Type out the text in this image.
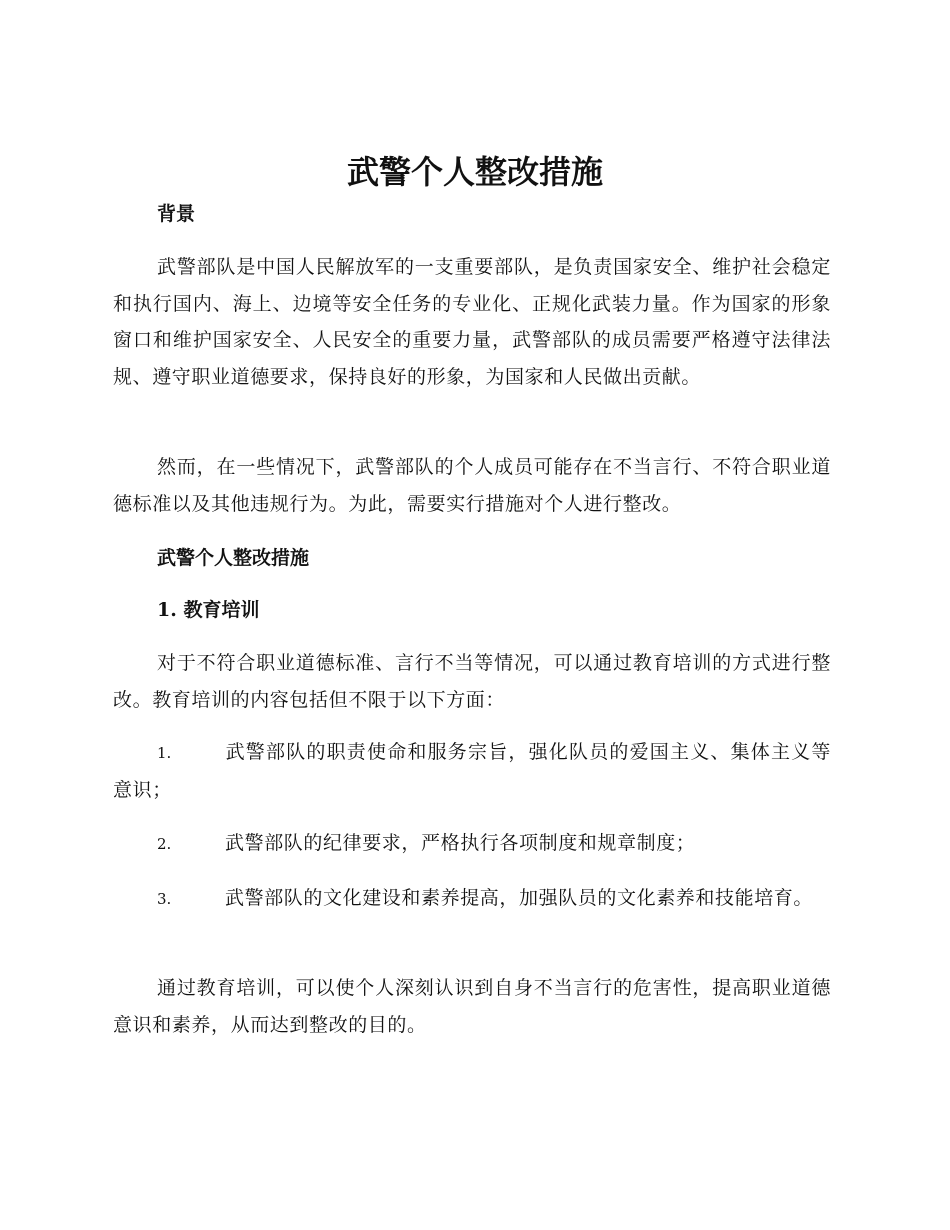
武警个人整改措施
背景

武警部队是中国人民解放军的一支重要部队，是负责国家安全、维护社会稳定和执行国内、海上、边境等安全任务的专业化、正规化武装力量。作为国家的形象窗口和维护国家安全、人民安全的重要力量，武警部队的成员需要严格遵守法律法规、遵守职业道德要求，保持良好的形象，为国家和人民做出贡献。

然而，在一些情况下，武警部队的个人成员可能存在不当言行、不符合职业道德标准以及其他违规行为。为此，需要实行措施对个人进行整改。

武警个人整改措施
1. 教育培训

对于不符合职业道德标准、言行不当等情况，可以通过教育培训的方式进行整改。教育培训的内容包括但不限于以下方面：

1.	武警部队的职责使命和服务宗旨，强化队员的爱国主义、集体主义等意识；

2.	武警部队的纪律要求，严格执行各项制度和规章制度；

3.	武警部队的文化建设和素养提高，加强队员的文化素养和技能培育。

通过教育培训，可以使个人深刻认识到自身不当言行的危害性，提高职业道德意识和素养，从而达到整改的目的。
